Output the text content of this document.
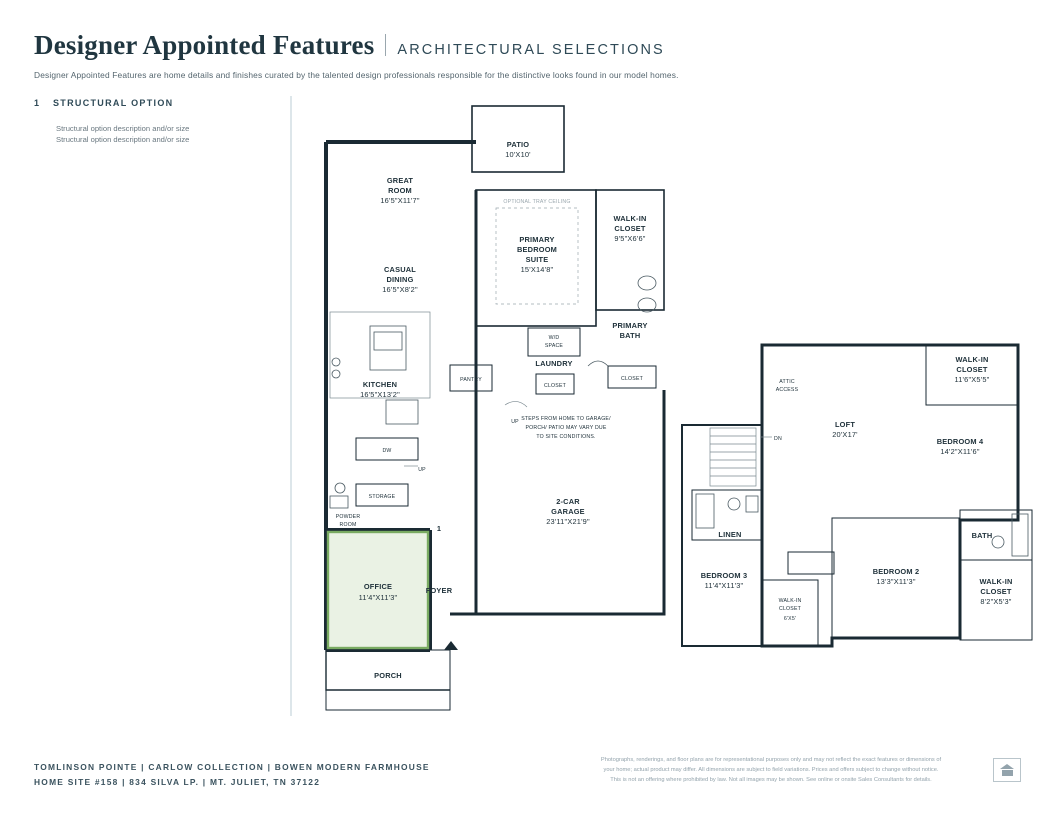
Designer Appointed Features ARCHITECTURAL SELECTIONS
Designer Appointed Features are home details and finishes curated by the talented design professionals responsible for the distinctive looks found in our model homes.
1	STRUCTURAL OPTION
Structural option description and/or size
Structural option description and/or size
PATIO
10'X10'
PORCH
OFFICE
11'4"X11'3"
FOYER
1
GREAT
ROOM
16'5"X11'7"
CASUAL
DINING
16'5"X8'2"
KITCHEN
16'5"X13'2"
DW
STORAGE
POWDER
ROOM
UP
PANTRY
OPTIONAL TRAY CEILING
PRIMARY
BEDROOM
SUITE
15'X14'8"
WALK-IN
CLOSET
9'5"X6'6"
PRIMARY
BATH
CLOSET
W/D
SPACE
LAUNDRY
CLOSET
2-CAR
GARAGE
23'11"X21'9"
STEPS FROM HOME TO GARAGE/
PORCH/ PATIO MAY VARY DUE
TO SITE CONDITIONS.
UP	LOFT
20'X17'
ATTIC
ACCESS
DN
LINEN
BEDROOM 3
11'4"X11'3"
WALK-IN
CLOSET
6'X5'
BEDROOM 2
13'3"X11'3"	WALK-IN
CLOSET
8'2"X5'3"
BATH
BEDROOM 4
14'2"X11'6"
WALK-IN
CLOSET
11'6"X5'5"
TOMLINSON POINTE | CARLOW COLLECTION | BOWEN MODERN FARMHOUSE
HOME SITE #158 | 834 SILVA LP. | MT. JULIET, TN 37122
Photographs, renderings, and floor plans are for representational purposes only and may not reflect the exact features or dimensions of
your home; actual product may differ. All dimensions are subject to field variations. Prices and offers subject to change without notice.
This is not an offering where prohibited by law. Not all images may be shown. See online or onsite Sales Consultants for details.
